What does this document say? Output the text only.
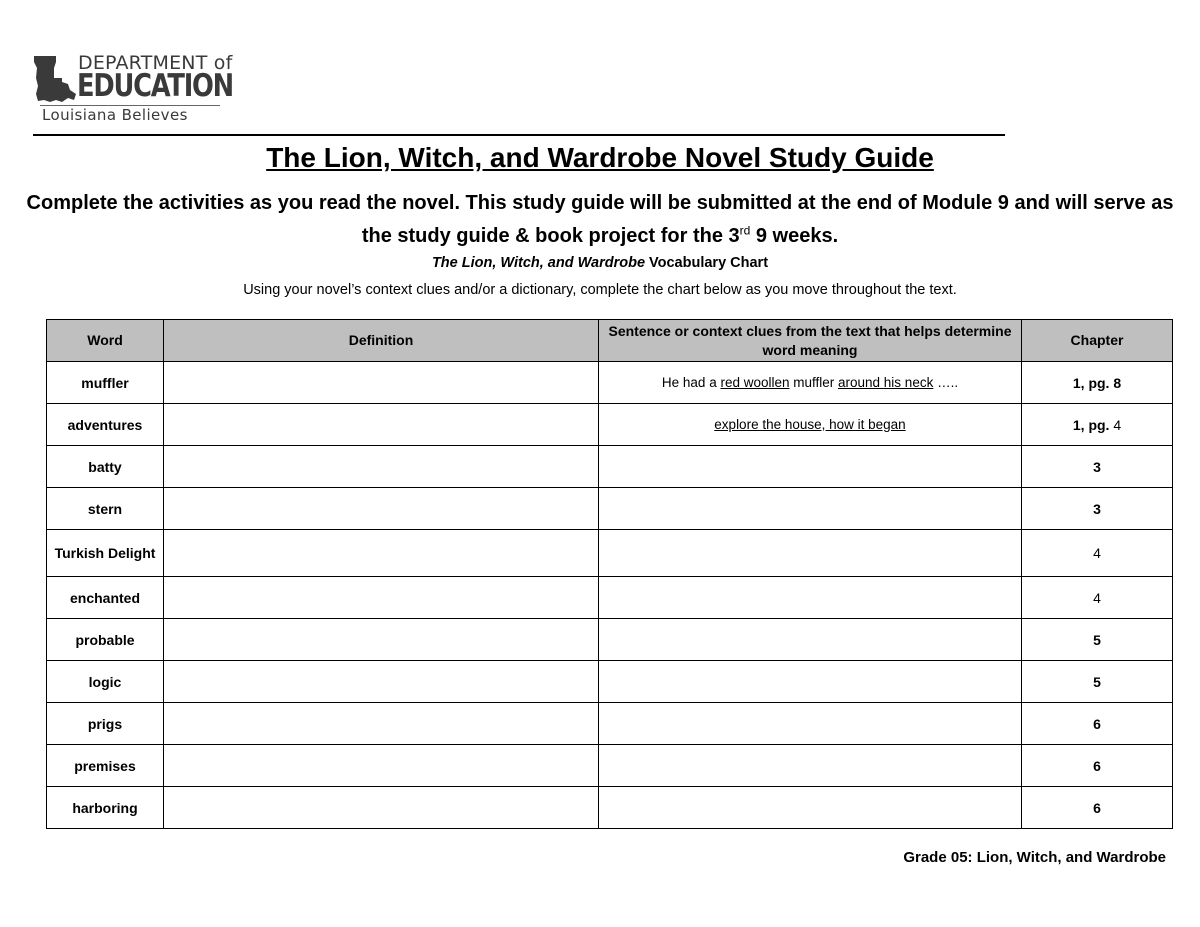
DEPARTMENT of
EDUCATION
Louisiana Believes
The Lion, Witch, and Wardrobe Novel Study Guide
Complete the activities as you read the novel. This study guide will be submitted at the end of Module 9 and will serve as the study guide & book project for the 3rd 9 weeks.
The Lion, Witch, and Wardrobe Vocabulary Chart
Using your novel’s context clues and/or a dictionary, complete the chart below as you move throughout the text.
Word	Definition	Sentence or context clues from the text that helps determine word meaning	Chapter
muffler		He had a red woollen muffler around his neck …..	1, pg. 8
adventures		explore the house, how it began	1, pg. 4
batty			3
stern			3
Turkish Delight			4
enchanted			4
probable			5
logic			5
prigs			6
premises			6
harboring			6
Grade 05: Lion, Witch, and Wardrobe
